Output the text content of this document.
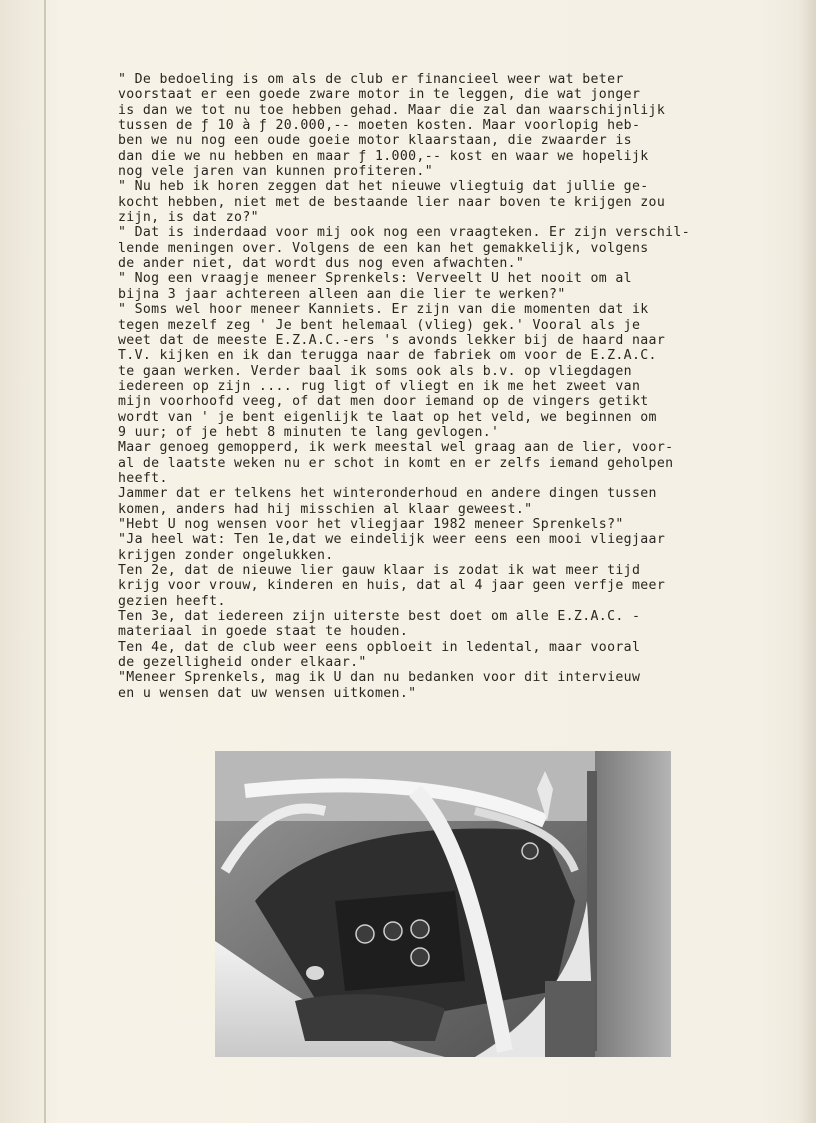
" De bedoeling is om als de club er financieel weer wat beter

voorstaat er een goede zware motor in te leggen, die wat jonger

is dan we tot nu toe hebben gehad. Maar die zal dan waarschijnlijk

tussen de ƒ 10 à ƒ 20.000,-- moeten kosten. Maar voorlopig heb-

ben we nu nog een oude goeie motor klaarstaan, die zwaarder is

dan die we nu hebben en maar ƒ 1.000,-- kost en waar we hopelijk

nog vele jaren van kunnen profiteren."

" Nu heb ik horen zeggen dat het nieuwe vliegtuig dat jullie ge-

kocht hebben, niet met de bestaande lier naar boven te krijgen zou

zijn, is dat zo?"

" Dat is inderdaad voor mij ook nog een vraagteken. Er zijn verschil-

lende meningen over. Volgens de een kan het gemakkelijk, volgens

de ander niet, dat wordt dus nog even afwachten."

" Nog een vraagje meneer Sprenkels: Verveelt U het nooit om al

bijna 3 jaar achtereen alleen aan die lier te werken?"

" Soms wel hoor meneer Kanniets. Er zijn van die momenten dat ik

tegen mezelf zeg ' Je bent helemaal (vlieg) gek.' Vooral als je

weet dat de meeste E.Z.A.C.-ers 's avonds lekker bij de haard naar

T.V. kijken en ik dan terugga naar de fabriek om voor de E.Z.A.C.

te gaan werken. Verder baal ik soms ook als b.v. op vliegdagen

iedereen op zijn .... rug ligt of vliegt en ik me het zweet van

mijn voorhoofd veeg, of dat men door iemand op de vingers getikt

wordt van ' je bent eigenlijk te laat op het veld, we beginnen om

9 uur; of je hebt 8 minuten te lang gevlogen.'

Maar genoeg gemopperd, ik werk meestal wel graag aan de lier, voor-

al de laatste weken nu er schot in komt en er zelfs iemand geholpen

heeft.

Jammer dat er telkens het winteronderhoud en andere dingen tussen

komen, anders had hij misschien al klaar geweest."

"Hebt U nog wensen voor het vliegjaar 1982 meneer Sprenkels?"

"Ja heel wat: Ten 1e,dat we eindelijk weer eens een mooi vliegjaar

krijgen zonder ongelukken.

Ten 2e, dat de nieuwe lier gauw klaar is zodat ik wat meer tijd

krijg voor vrouw, kinderen en huis, dat al 4 jaar geen verfje meer

gezien heeft.

Ten 3e, dat iedereen zijn uiterste best doet om alle E.Z.A.C. -

materiaal in goede staat te houden.

Ten 4e, dat de club weer eens opbloeit in ledental, maar vooral

de gezelligheid onder elkaar."

"Meneer Sprenkels, mag ik U dan nu bedanken voor dit intervieuw

en u wensen dat uw wensen uitkomen."
